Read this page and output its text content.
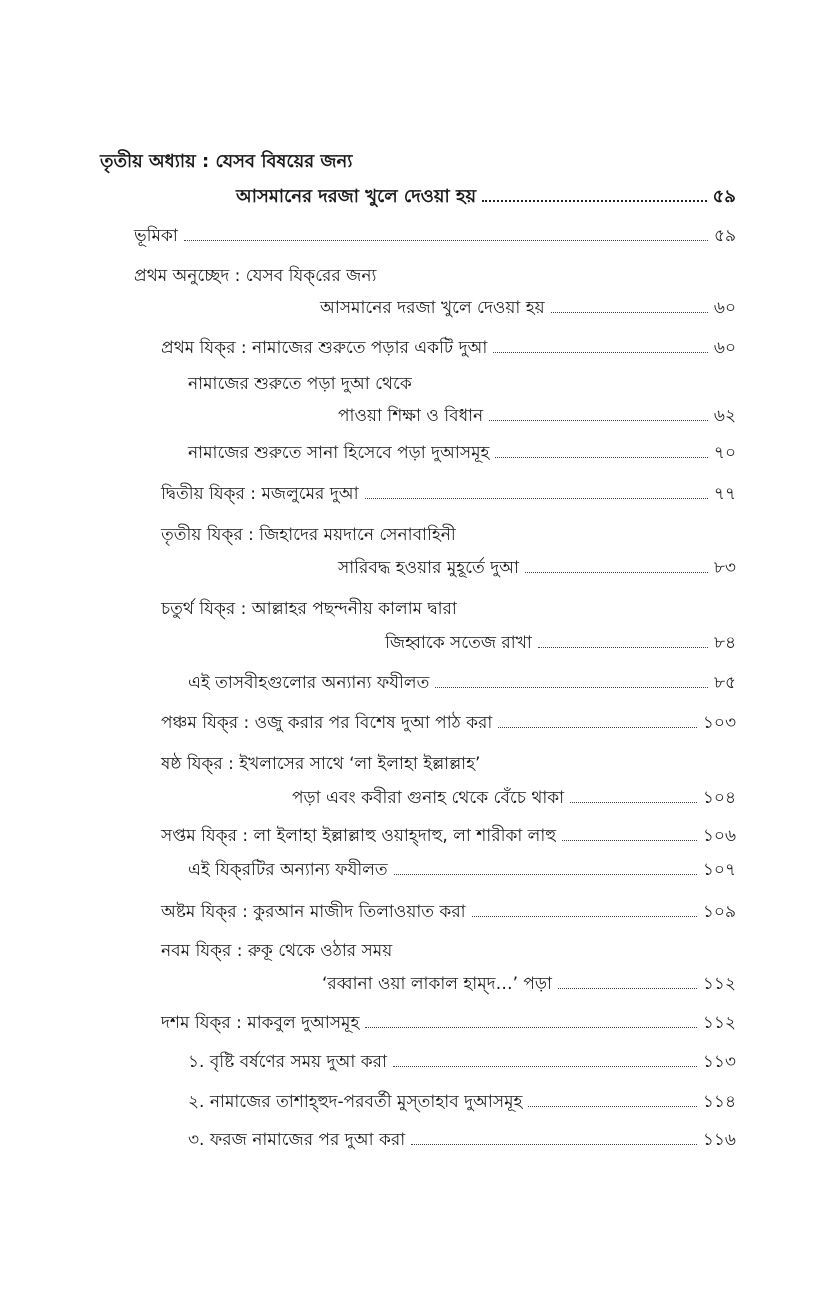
তৃতীয় অধ্যায় : যেসব বিষয়ের জন্য
আসমানের দরজা খুলে দেওয়া হয়	৫৯
ভূমিকা	৫৯
প্রথম অনুচ্ছেদ : যেসব যিক্‌রের জন্য
আসমানের দরজা খুলে দেওয়া হয়	৬০
প্রথম যিক্‌র : নামাজের শুরুতে পড়ার একটি দুআ	৬০
নামাজের শুরুতে পড়া দুআ থেকে
পাওয়া শিক্ষা ও বিধান	৬২
নামাজের শুরুতে সানা হিসেবে পড়া দুআসমূহ	৭০
দ্বিতীয় যিক্‌র : মজলুমের দুআ	৭৭
তৃতীয় যিক্‌র : জিহাদের ময়দানে সেনাবাহিনী
সারিবদ্ধ হওয়ার মুহূর্তে দুআ	৮৩
চতুর্থ যিক্‌র : আল্লাহর পছন্দনীয় কালাম দ্বারা
জিহ্বাকে সতেজ রাখা	৮৪
এই তাসবীহগুলোর অন্যান্য ফযীলত	৮৫
পঞ্চম যিক্‌র : ওজু করার পর বিশেষ দুআ পাঠ করা	১০৩
ষষ্ঠ যিক্‌র : ইখলাসের সাথে ‘লা ইলাহা ইল্লাল্লাহ’
পড়া এবং কবীরা গুনাহ থেকে বেঁচে থাকা	১০৪
সপ্তম যিক্‌র : লা ইলাহা ইল্লাল্লাহু ওয়াহ্‌দাহু, লা শারীকা লাহু	১০৬
এই যিক্‌রটির অন্যান্য ফযীলত	১০৭
অষ্টম যিক্‌র : কুরআন মাজীদ তিলাওয়াত করা	১০৯
নবম যিক্‌র : রুকূ থেকে ওঠার সময়
‘রব্বানা ওয়া লাকাল হাম্‌দ…’ পড়া	১১২
দশম যিক্‌র : মাকবুল দুআসমূহ	১১২
১. বৃষ্টি বর্ষণের সময় দুআ করা	১১৩
২. নামাজের তাশাহ্‌হুদ-পরবর্তী মুস্‌তাহাব দুআসমূহ	১১৪
৩. ফরজ নামাজের পর দুআ করা	১১৬
